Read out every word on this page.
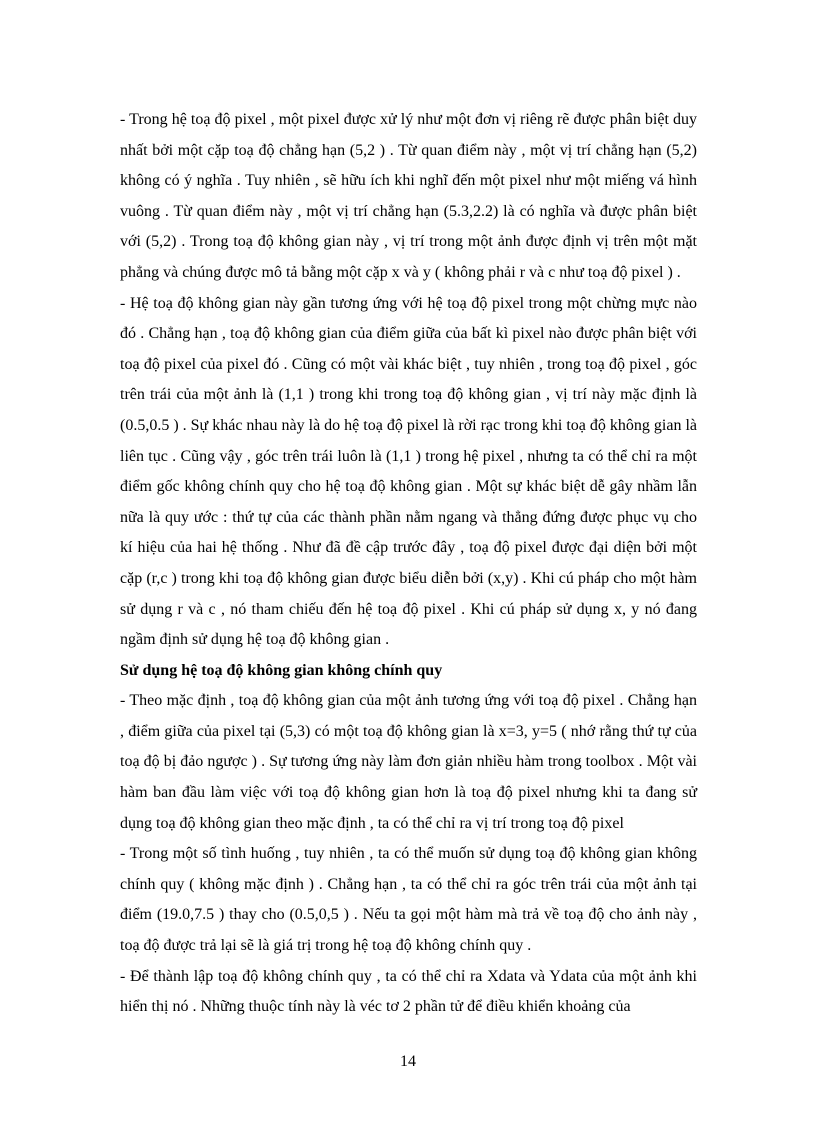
- Trong hệ toạ độ pixel , một pixel được xử lý như một đơn vị riêng rẽ được phân biệt duy nhất bởi một cặp toạ độ chẳng hạn (5,2 ) . Từ quan điểm này , một vị trí chẳng hạn (5,2) không có ý nghĩa . Tuy nhiên , sẽ hữu ích khi nghĩ đến một pixel như một miếng vá hình vuông . Từ quan điểm này , một vị trí chẳng hạn (5.3,2.2) là có nghĩa và được phân biệt với (5,2) . Trong toạ độ không gian này , vị trí trong một ảnh được định vị trên một mặt phẳng và chúng được mô tả bằng một cặp x và y ( không phải r và c như toạ độ pixel ) .

- Hệ toạ độ không gian này gần tương ứng với hệ toạ độ pixel trong một chừng mực nào đó . Chẳng hạn , toạ độ không gian của điểm giữa của bất kì pixel nào được phân biệt với toạ độ pixel của pixel đó . Cũng có một vài khác biệt , tuy nhiên , trong toạ độ pixel , góc trên trái của một ảnh là (1,1 ) trong khi trong toạ độ không gian , vị trí này mặc định là (0.5,0.5 ) . Sự khác nhau này là do hệ toạ độ pixel là rời rạc trong khi toạ độ không gian là liên tục . Cũng vậy , góc trên trái luôn là (1,1 ) trong hệ pixel , nhưng ta có thể chỉ ra một điểm gốc không chính quy cho hệ toạ độ không gian . Một sự khác biệt dễ gây nhầm lẫn nữa là quy ước : thứ tự của các thành phần nằm ngang và thẳng đứng được phục vụ cho kí hiệu của hai hệ thống . Như đã đề cập trước đây , toạ độ pixel được đại diện bởi một cặp (r,c ) trong khi toạ độ không gian được biểu diễn bởi (x,y) . Khi cú pháp cho một hàm sử dụng r và c , nó tham chiếu đến hệ toạ độ pixel . Khi cú pháp sử dụng x, y nó đang ngầm định sử dụng hệ toạ độ không gian .

Sử dụng hệ toạ độ không gian không chính quy

- Theo mặc định , toạ độ không gian của một ảnh tương ứng với toạ độ pixel . Chẳng hạn , điểm giữa của pixel tại (5,3) có một toạ độ không gian là x=3, y=5 ( nhớ rằng thứ tự của toạ độ bị đảo ngược ) . Sự tương ứng này làm đơn giản nhiều hàm trong toolbox . Một vài hàm ban đầu làm việc với toạ độ không gian hơn là toạ độ pixel nhưng khi ta đang sử dụng toạ độ không gian theo mặc định , ta có thể chỉ ra vị trí trong toạ độ pixel

- Trong một số tình huống , tuy nhiên , ta có thể muốn sử dụng toạ độ không gian không chính quy ( không mặc định ) . Chẳng hạn , ta có thể chỉ ra góc trên trái của một ảnh tại điểm (19.0,7.5 ) thay cho (0.5,0,5 ) . Nếu ta gọi một hàm mà trả về toạ độ cho ảnh này , toạ độ được trả lại sẽ là giá trị trong hệ toạ độ không chính quy .

- Để thành lập toạ độ không chính quy , ta có thể chỉ ra Xdata và Ydata của một ảnh khi hiển thị nó . Những thuộc tính này là véc tơ 2 phần tử để điều khiển khoảng của

14
